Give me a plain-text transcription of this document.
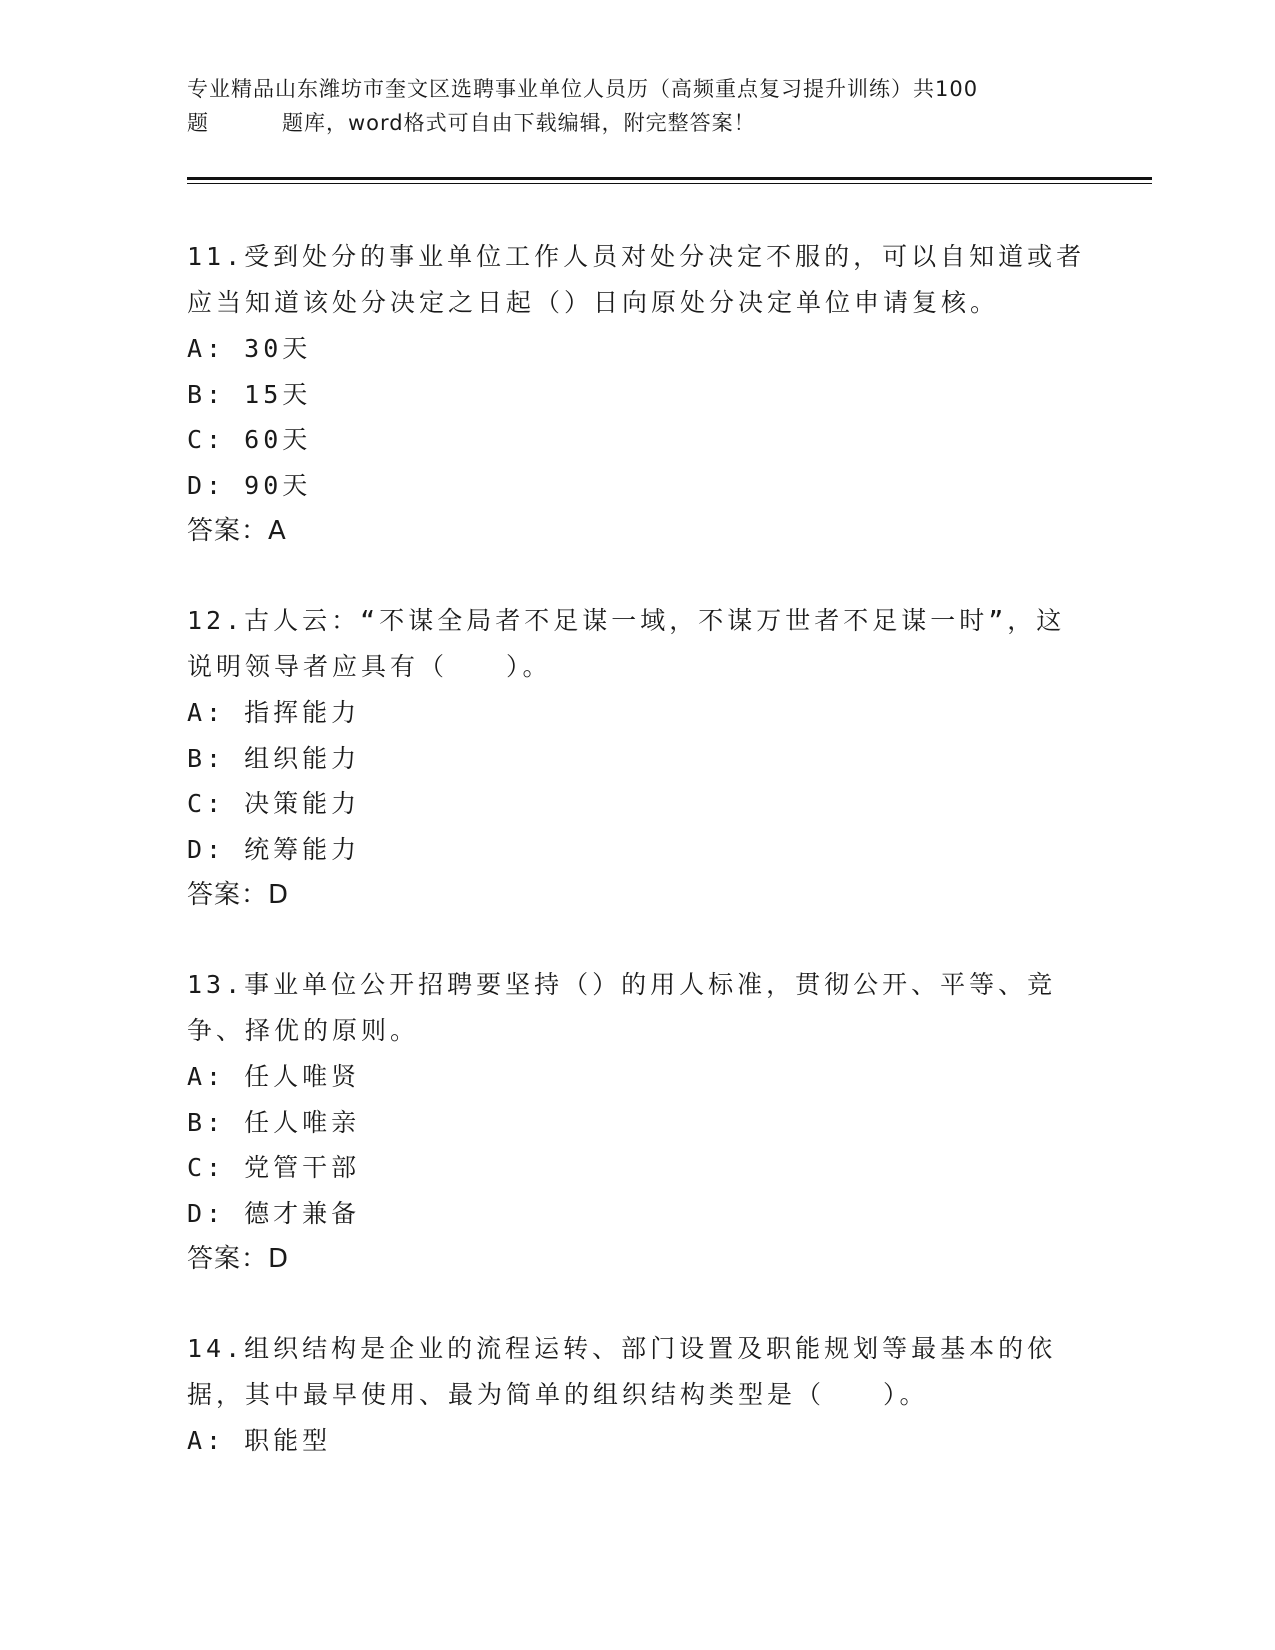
专业精品山东潍坊市奎文区选聘事业单位人员历（高频重点复习提升训练）共100
题	题库，word格式可自由下载编辑，附完整答案！

11.受到处分的事业单位工作人员对处分决定不服的，可以自知道或者应当知道该处分决定之日起（）日向原处分决定单位申请复核。

A: 30天

B: 15天

C: 60天

D: 90天

答案：A

12.古人云：“不谋全局者不足谋一域，不谋万世者不足谋一时”，这说明领导者应具有（　　）。

A: 指挥能力

B: 组织能力

C: 决策能力

D: 统筹能力

答案：D

13.事业单位公开招聘要坚持（）的用人标准，贯彻公开、平等、竞争、择优的原则。

A: 任人唯贤

B: 任人唯亲

C: 党管干部

D: 德才兼备

答案：D

14.组织结构是企业的流程运转、部门设置及职能规划等最基本的依据，其中最早使用、最为简单的组织结构类型是（　　）。

A: 职能型
